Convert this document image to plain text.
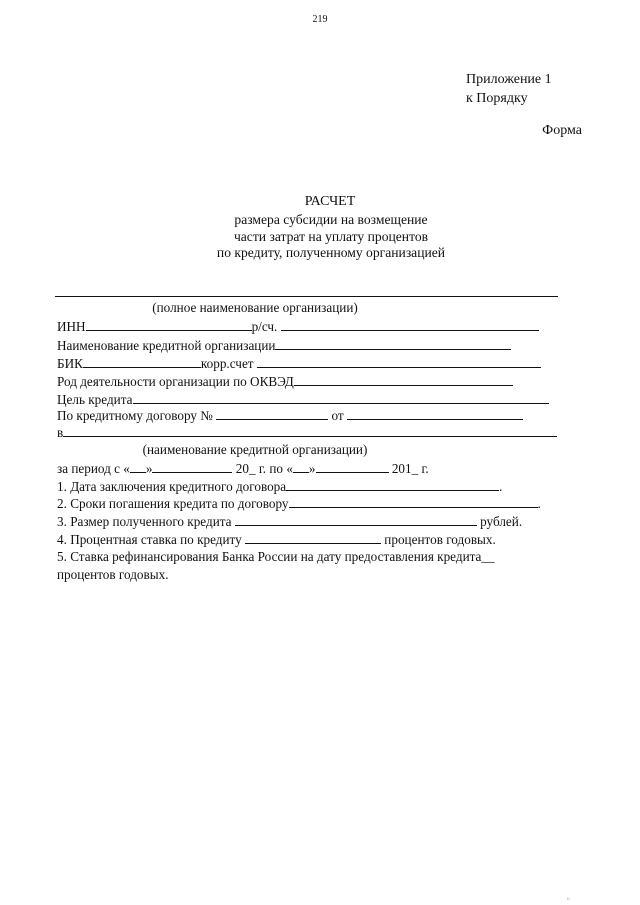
219
Приложение 1
к Порядку
Форма
РАСЧЕТ
размера субсидии на возмещение
части затрат на уплату процентов
по кредиту, полученному организацией
(полное наименование организации)
ИНН	р/сч.
Наименование кредитной организации
БИК	корр.счет
Род деятельности организации по ОКВЭД
Цель кредита
По кредитному договору №	от
в
(наименование кредитной организации)
за период с « »	20_ г. по « »	201_ г.
1. Дата заключения кредитного договора	.
2. Сроки погашения кредита по договору	.
3. Размер полученного кредита	рублей.
4. Процентная ставка по кредиту	процентов годовых.
5. Ставка рефинансирования Банка России на дату предоставления кредита__
процентов годовых.
ıı
